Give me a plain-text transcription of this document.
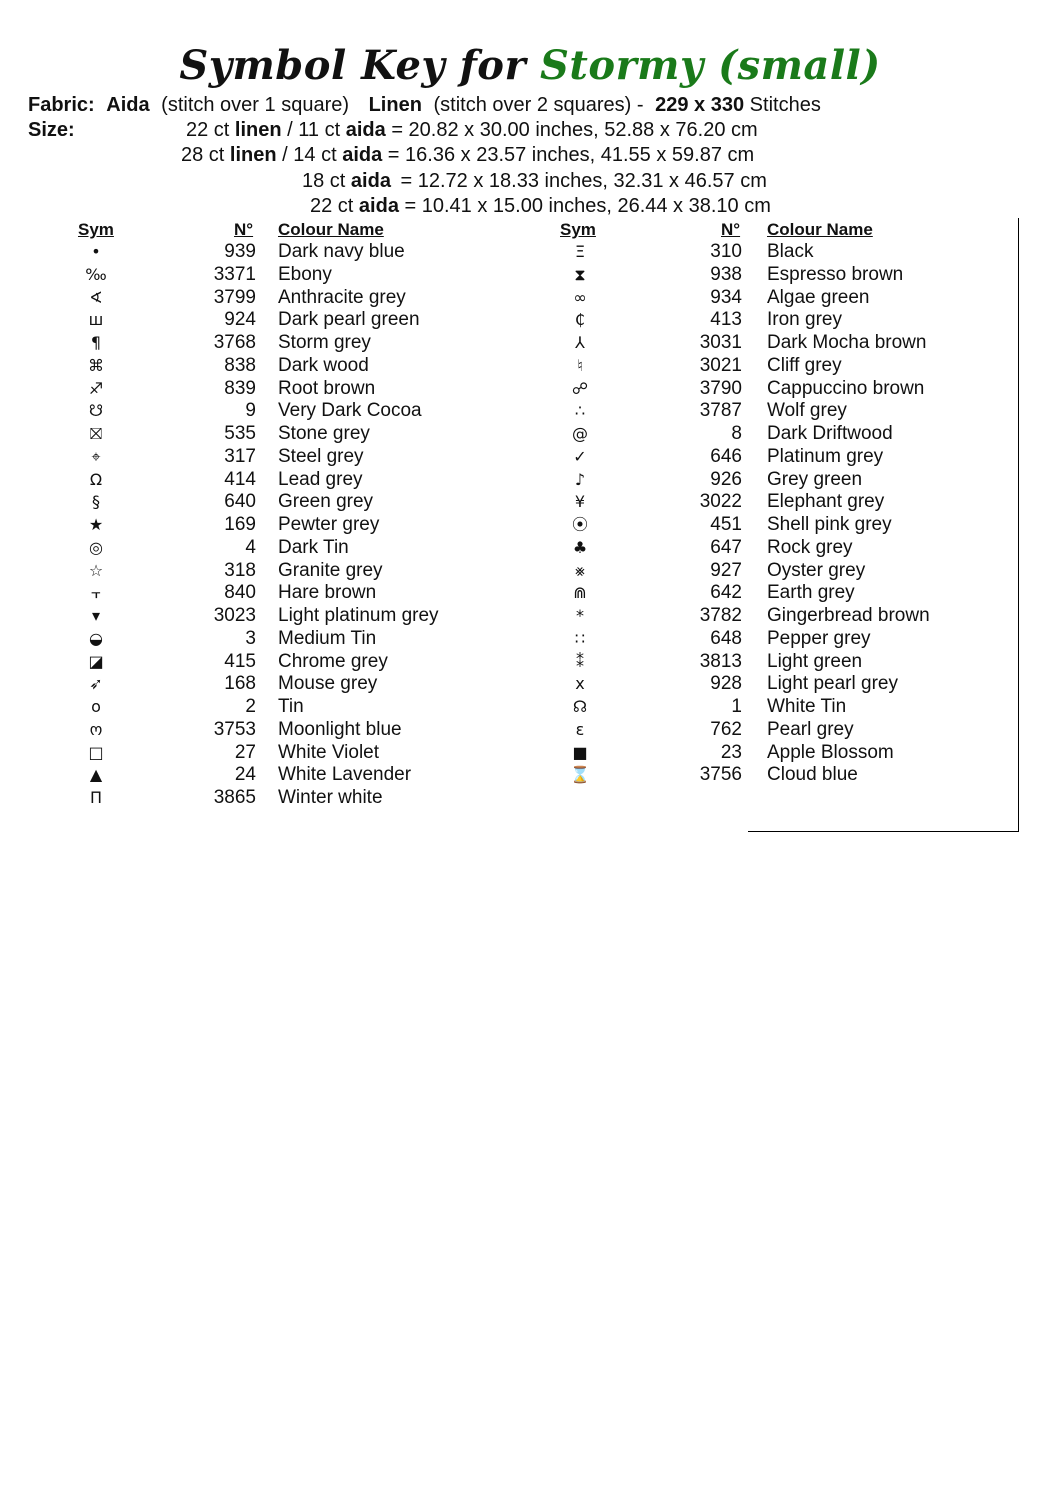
Symbol Key for Stormy (small)
Fabric: Aida (stitch over 1 square) Linen (stitch over 2 squares) - 229 x 330 Stitches
Size:	22 ct linen / 11 ct aida = 20.82 x 30.00 inches, 52.88 x 76.20 cm
28 ct linen / 14 ct aida = 16.36 x 23.57 inches, 41.55 x 59.87 cm
18 ct aida = 12.72 x 18.33 inches, 32.31 x 46.57 cm
22 ct aida = 10.41 x 15.00 inches, 26.44 x 38.10 cm
Sym	N° Colour Name	Sym	N° Colour Name
•	939 Dark navy blue
‰	3371 Ebony
∢	3799 Anthracite grey
ш	924 Dark pearl green
¶	3768 Storm grey
⌘	838 Dark wood
♐	839 Root brown
☋	9 Very Dark Cocoa
⛝	535 Stone grey
⌖	317 Steel grey
Ω	414 Lead grey
§	640 Green grey
★	169 Pewter grey
◎	4 Dark Tin
☆	318 Granite grey
⫟	840 Hare brown
▾	3023 Light platinum grey
◒	3 Medium Tin
◪	415 Chrome grey
➶	168 Mouse grey
o	2 Tin
ო	3753 Moonlight blue
□	27 White Violet
▲	24 White Lavender
Π	3865 Winter white
Ξ	310 Black
⧗	938 Espresso brown
∞	934 Algae green
₵	413 Iron grey
⅄	3031 Dark Mocha brown
♮	3021 Cliff grey
☍	3790 Cappuccino brown
∴	3787 Wolf grey
@	8 Dark Driftwood
✓	646 Platinum grey
♪	926 Grey green
¥	3022 Elephant grey
⦿	451 Shell pink grey
♣	647 Rock grey
⨳	927 Oyster grey
⋒	642 Earth grey
*	3782 Gingerbread brown
∷	648 Pepper grey
⁑	3813 Light green
x	928 Light pearl grey
☊	1 White Tin
ε	762 Pearl grey
■	23 Apple Blossom
⌛	3756 Cloud blue
